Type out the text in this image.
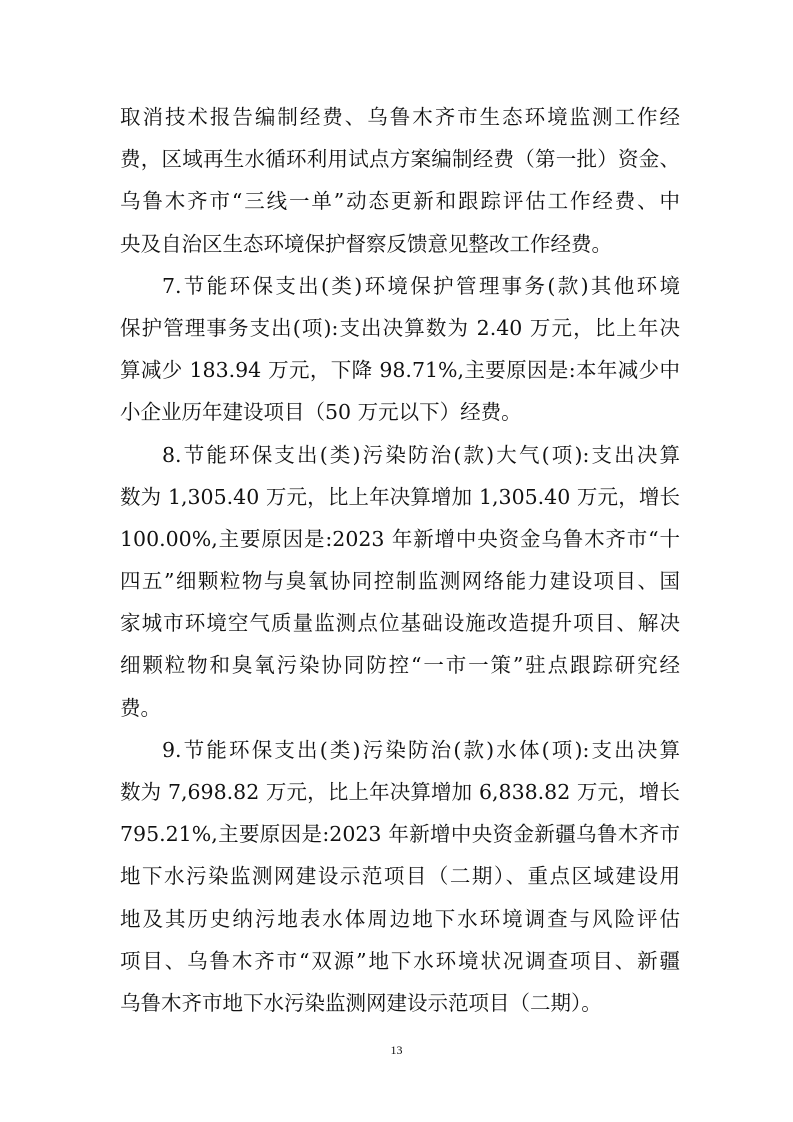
取消技术报告编制经费、乌鲁木齐市生态环境监测工作经
费，区域再生水循环利用试点方案编制经费（第一批）资金、
乌鲁木齐市“三线一单”动态更新和跟踪评估工作经费、中
央及自治区生态环境保护督察反馈意见整改工作经费。
7.节能环保支出(类)环境保护管理事务(款)其他环境
保护管理事务支出(项):支出决算数为 2.40 万元，比上年决
算减少 183.94 万元，下降 98.71%,主要原因是:本年减少中
小企业历年建设项目（50 万元以下）经费。
8.节能环保支出(类)污染防治(款)大气(项):支出决算
数为 1,305.40 万元，比上年决算增加 1,305.40 万元，增长
100.00%,主要原因是:2023 年新增中央资金乌鲁木齐市“十
四五”细颗粒物与臭氧协同控制监测网络能力建设项目、国
家城市环境空气质量监测点位基础设施改造提升项目、解决
细颗粒物和臭氧污染协同防控“一市一策”驻点跟踪研究经
费。
9.节能环保支出(类)污染防治(款)水体(项):支出决算
数为 7,698.82 万元，比上年决算增加 6,838.82 万元，增长
795.21%,主要原因是:2023 年新增中央资金新疆乌鲁木齐市
地下水污染监测网建设示范项目（二期）、重点区域建设用
地及其历史纳污地表水体周边地下水环境调查与风险评估
项目、乌鲁木齐市“双源”地下水环境状况调查项目、新疆
乌鲁木齐市地下水污染监测网建设示范项目（二期）。
13
